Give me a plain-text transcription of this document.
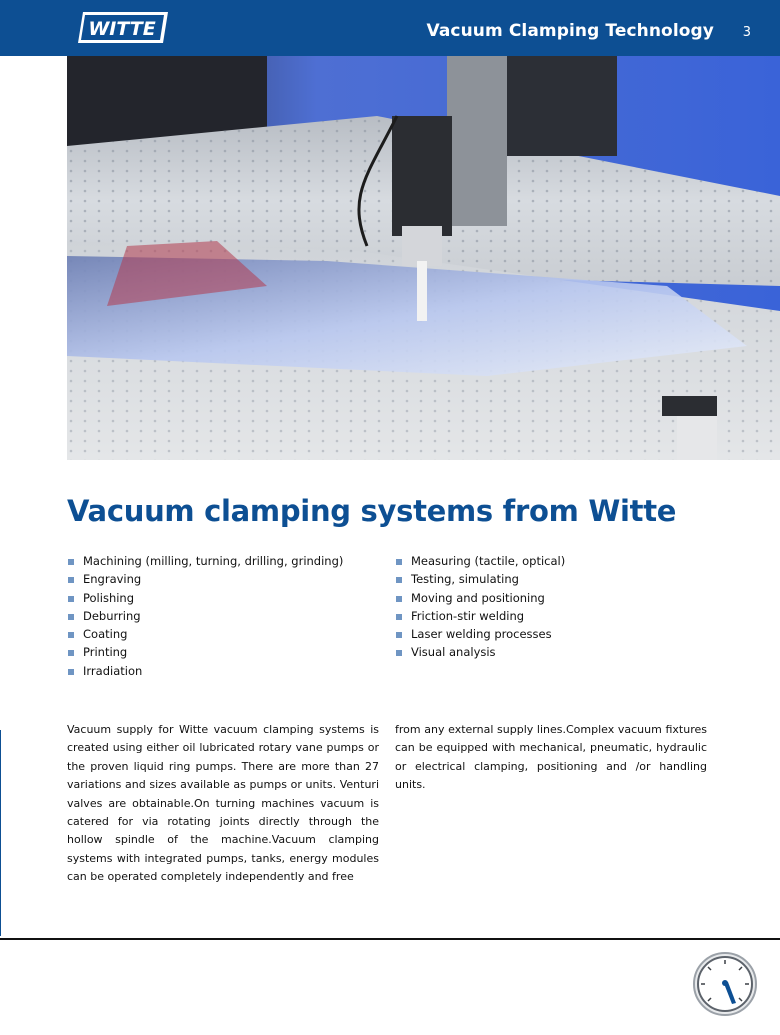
WITTE	Vacuum Clamping Technology 3
Vacuum clamping systems from Witte
Machining (milling, turning, drilling, grinding)
Engraving
Polishing
Deburring
Coating
Printing
Irradiation
Measuring (tactile, optical)
Testing, simulating
Moving and positioning
Friction-stir welding
Laser welding processes
Visual analysis

Vacuum supply for Witte vacuum clamping systems is created using either oil lubricated rotary vane pumps or the proven liquid ring pumps. There are more than 27 variations and sizes available as pumps or units. Venturi valves are obtainable.On turning machines vacuum is catered for via rotating joints directly through the hollow spindle of the machine.Vacuum clamping systems with integrated pumps, tanks, energy modules can be operated completely independently and free

from any external supply lines.Complex vacuum fixtures can be equipped with mechanical, pneumatic, hydraulic or electrical clamping, positioning and /or handling units.
